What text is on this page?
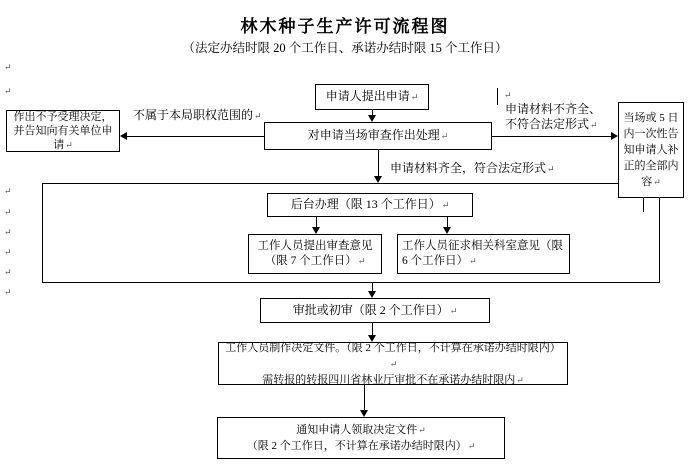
林木种子生产许可流程图
（法定办结时限 20 个工作日、承诺办结时限 15 个工作日）
↵
↵
↵
↵
↵
↵
↵
↵
↵
申请人提出申请↵
对申请当场审查作出处理↵
作出不予受理决定，并告知向有关单位申请↵
当场或 5 日内一次性告知申请人补正的全部内容↵
不属于本局职权范围的↵	申请材料不齐全、
不符合法定形式↵
申请材料齐全，符合法定形式↵
后台办理（限 13 个工作日）↵
工作人员提出审查意见（限 7 个工作日）↵
工作人员征求相关科室意见（限 6 个工作日）↵
审批或初审（限 2 个工作日）↵
工作人员制作决定文件。（限 2 个工作日，不计算在承诺办结时限内）↵
需转报的转报四川省林业厅审批不在承诺办结时限内↵
通知申请人领取决定文件↵
（限 2 个工作日，不计算在承诺办结时限内）↵
